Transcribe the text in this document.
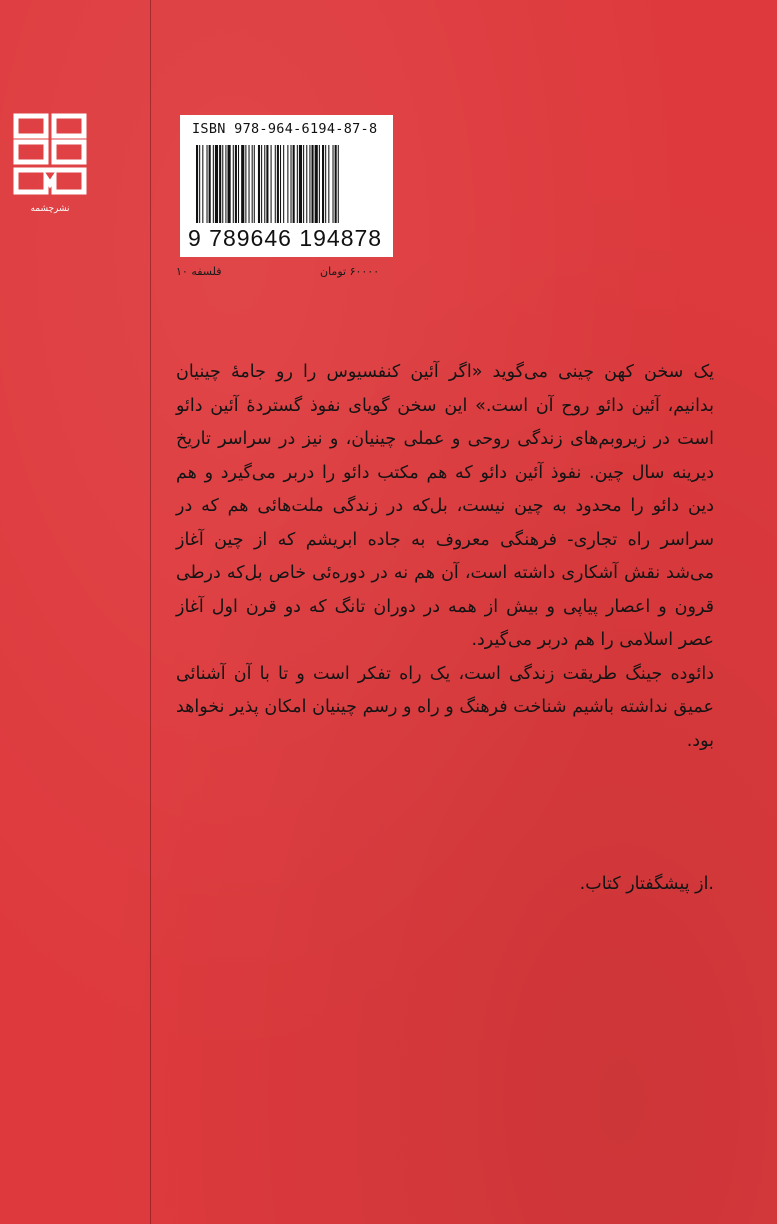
نشرچشمه
ISBN 978-964-6194-87-8
9 789646 194878
۶۰۰۰۰ تومان
فلسفه ۱۰

یک سخن کهن چینی می‌گوید «اگر آئین کنفسیوس را رو جامهٔ چینیان بدانیم، آئین دائو روح آن است.» این سخن گویای نفوذ گستردهٔ آئین دائو است در زیروبم‌های زندگی روحی و عملی چینیان، و نیز در سراسر تاریخ دیرینه سال چین. نفوذ آئین دائو که هم مکتب دائو را دربر می‌گیرد و هم دین دائو را محدود به چین نیست، بل‌که در زندگی ملت‌هائی هم که در سراسر راه تجاری- فرهنگی معروف به جاده ابریشم که از چین آغاز می‌شد نقش آشکاری داشته است، آن هم نه در دوره‌ئی خاص بل‌که درطی قرون و اعصار پیاپی و بیش از همه در دوران تانگ که دو قرن اول آغاز عصر اسلامی را هم دربر می‌گیرد.

دائوده جینگ طریقت زندگی است، یک راه تفکر است و تا با آن آشنائی عمیق نداشته باشیم شناخت فرهنگ و راه و رسم چینیان امکان پذیر نخواهد بود.

.از پیشگفتار کتاب.
